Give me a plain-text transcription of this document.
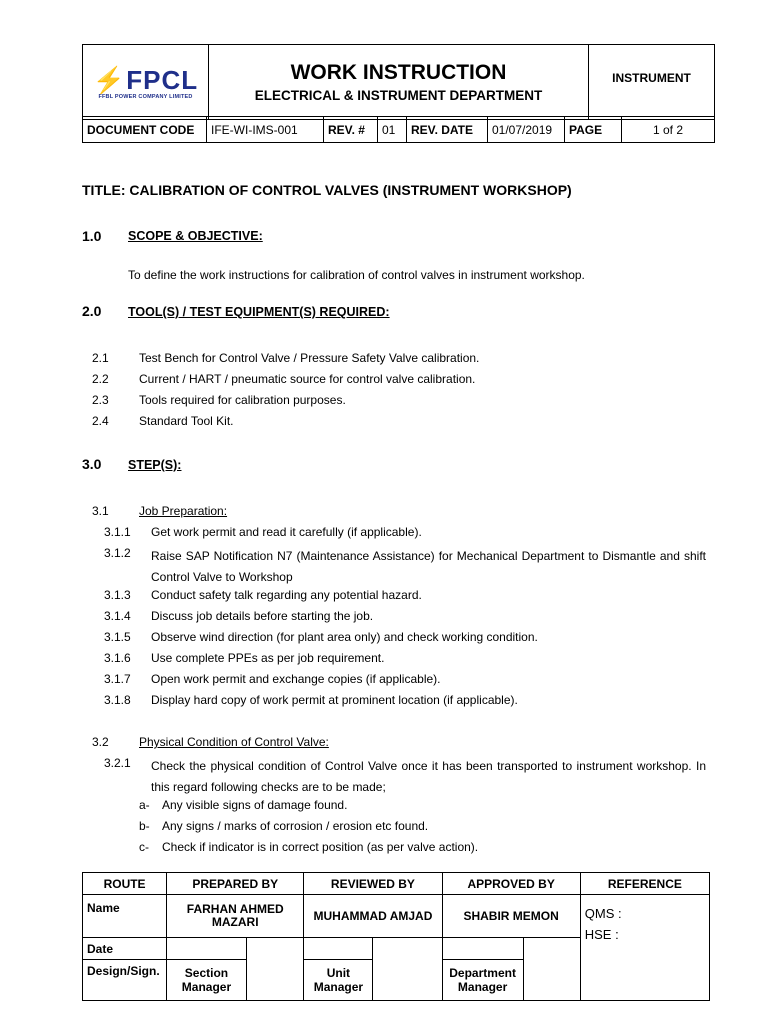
⚡FPCL
FFBL POWER COMPANY LIMITED

WORK INSTRUCTION
ELECTRICAL & INSTRUMENT DEPARTMENT
	INSTRUMENT
DOCUMENT CODE	IFE-WI-IMS-001	REV. #	01	REV. DATE	01/07/2019	PAGE	1 of 2
TITLE: CALIBRATION OF CONTROL VALVES (INSTRUMENT WORKSHOP)
1.0 SCOPE & OBJECTIVE:
To define the work instructions for calibration of control valves in instrument workshop.
2.0 TOOL(S) / TEST EQUIPMENT(S) REQUIRED:
2.1	Test Bench for Control Valve / Pressure Safety Valve calibration.
2.2	Current / HART / pneumatic source for control valve calibration.
2.3	Tools required for calibration purposes.
2.4	Standard Tool Kit.
3.0 STEP(S):
3.1	Job Preparation:
3.1.1 Get work permit and read it carefully (if applicable).
3.1.2 Raise SAP Notification N7 (Maintenance Assistance) for Mechanical Department to Dismantle and shift Control Valve to Workshop
3.1.3 Conduct safety talk regarding any potential hazard.
3.1.4 Discuss job details before starting the job.
3.1.5 Observe wind direction (for plant area only) and check working condition.
3.1.6 Use complete PPEs as per job requirement.
3.1.7 Open work permit and exchange copies (if applicable).
3.1.8 Display hard copy of work permit at prominent location (if applicable).
3.2	Physical Condition of Control Valve:
3.2.1 Check the physical condition of Control Valve once it has been transported to instrument workshop. In this regard following checks are to be made;
a- Any visible signs of damage found.
b- Any signs / marks of corrosion / erosion etc found.
c- Check if indicator is in correct position (as per valve action).
ROUTE	PREPARED BY		REVIEWED BY		APPROVED BY		REFERENCE
Name	FARHAN AHMED MAZARI		MUHAMMAD AMJAD		SHABIR MEMON		QMS :
HSE :

Date							
Design/Sign.	Section Manager		Unit Manager		Department Manager		
